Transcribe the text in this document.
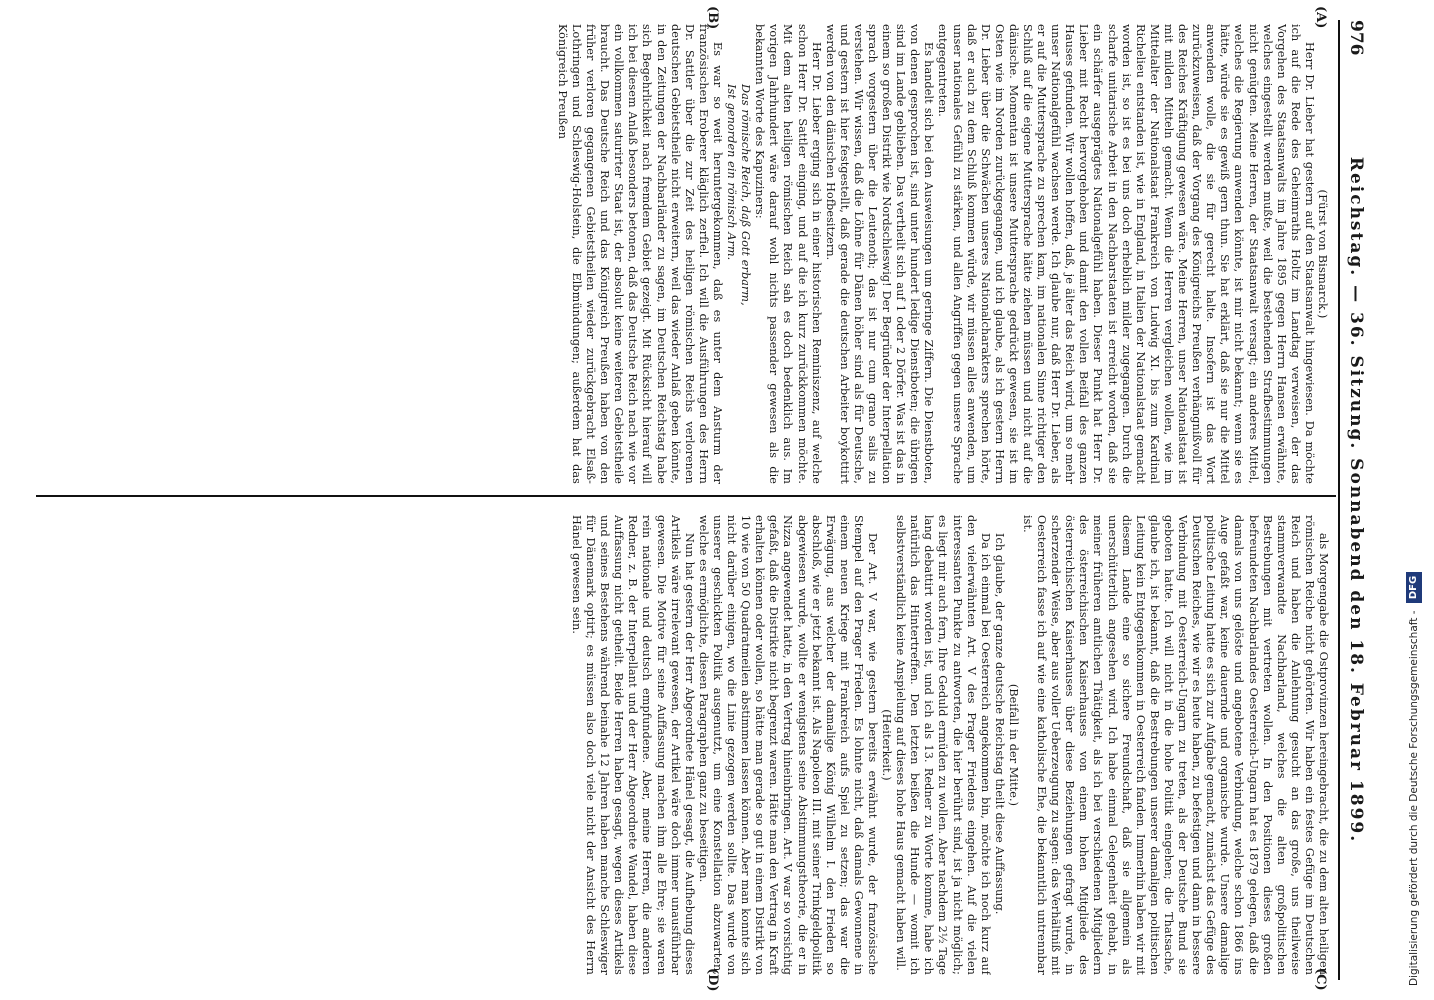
976
Reichstag. — 36. Sitzung. Sonnabend den 18. Februar 1899.
(A)
(B)
(C)
(D)

(Fürst von Bismarck.)

Herr Dr. Lieber hat gestern auf den Staatsanwalt hingewiesen. Da möchte ich auf die Rede des Geheimraths Holtz im Landtag verweisen, der das Vorgehen des Staatsanwalts im Jahre 1895 gegen Herrn Hansen erwähnte, welches eingestellt werden mußte, weil die bestehenden Strafbestimmungen nicht genügten. Meine Herren, der Staatsanwalt versagt; ein anderes Mittel, welches die Regierung anwenden könnte, ist mir nicht bekannt; wenn sie es hätte, würde sie es gewiß gern thun. Sie hat erklärt, daß sie nur die Mittel anwenden wolle, die sie für gerecht halte. Insofern ist das Wort zurückzuweisen, daß der Vorgang des Königreichs Preußen verhängnißvoll für des Reiches Kräftigung gewesen wäre. Meine Herren, unser Nationalstaat ist mit milden Mitteln gemacht. Wenn die Herren vergleichen wollen, wie im Mittelalter der Nationalstaat Frankreich von Ludwig XI. bis zum Kardinal Richelieu entstanden ist, wie in England, in Italien der Nationalstaat gemacht worden ist, so ist es bei uns doch erheblich milder zugegangen. Durch die scharfe unitarische Arbeit in den Nachbarstaaten ist erreicht worden, daß sie ein schärfer ausgeprägtes Nationalgefühl haben. Dieser Punkt hat Herr Dr. Lieber mit Recht hervorgehoben und damit den vollen Beifall des ganzen Hauses gefunden. Wir wollen hoffen, daß, je älter das Reich wird, um so mehr unser Nationalgefühl wachsen werde. Ich glaube nur, daß Herr Dr. Lieber, als er auf die Muttersprache zu sprechen kam, im nationalen Sinne richtiger den Schluß auf die eigene Muttersprache hätte ziehen müssen und nicht auf die dänische. Momentan ist unsere Muttersprache gedrückt gewesen, sie ist im Osten wie im Norden zurückgegangen, und ich glaube, als ich gestern Herrn Dr. Lieber über die Schwächen unseres Nationalcharakters sprechen hörte, daß er auch zu dem Schluß kommen würde, wir müssen alles anwenden, um unser nationales Gefühl zu stärken, und allen Angriffen gegen unsere Sprache entgegentreten.

Es handelt sich bei den Ausweisungen um geringe Ziffern. Die Dienstboten, von denen gesprochen ist, sind unter hundert ledige Dienstboten; die übrigen sind im Lande geblieben. Das vertheilt sich auf 1 oder 2 Dörfer. Was ist das in einem so großen Distrikt wie Nordschleswig! Der Begründer der Interpellation sprach vorgestern über die Leutenoth; das ist nur cum grano salis zu verstehen. Wir wissen, daß die Löhne für Dänen höher sind als für Deutsche, und gestern ist hier festgestellt, daß gerade die deutschen Arbeiter boykottirt werden von den dänischen Hofbesitzern.

Herr Dr. Lieber erging sich in einer historischen Reminiszenz, auf welche schon Herr Dr. Sattler einging, und auf die ich kurz zurückkommen möchte. Mit dem alten heiligen römischen Reich sah es doch bedenklich aus. Im vorigen Jahrhundert wäre darauf wohl nichts passender gewesen als die bekannten Worte des Kapuziners:

Das römische Reich, daß Gott erbarm,

Ist genorden ein römisch Arm.

Es war so weit heruntergekommen, daß es unter dem Ansturm der französischen Eroberer kläglich zerfiel. Ich will die Ausführungen des Herrn Dr. Sattler über die zur Zeit des heiligen römischen Reichs verlorenen deutschen Gebietstheile nicht erweitern, weil das wieder Anlaß geben könnte, in den Zeitungen der Nachbarländer zu sagen, im Deutschen Reichstag habe sich Begehrlichkeit nach fremdem Gebiet gezeigt. Mit Rücksicht hierauf will ich bei diesem Anlaß besonders betonen, daß das Deutsche Reich nach wie vor ein vollkommen saturirter Staat ist, der absolut keine weiteren Gebietstheile braucht. Das Deutsche Reich und das Königreich Preußen haben von den früher verloren gegangenen Gebietstheilen wieder zurückgebracht Elsaß-Lothringen und Schleswig-Holstein, die Elbmündungen; außerdem hat das Königreich Preußen

als Morgengabe die Ostprovinzen hereingebracht, die zu dem alten heiligen römischen Reiche nicht gehörten. Wir haben ein festes Gefüge im Deutschen Reich und haben die Anlehnung gesucht an das große, uns theilweise stammverwandte Nachbarland, welches die alten großpolitischen Bestrebungen mit vertreten wollen. In den Positionen dieses großen befreundeten Nachbarlandes Oesterreich-Ungarn hat es 1879 gelegen, daß die damals von uns gelöste und angebotene Verbindung, welche schon 1866 ins Auge gefaßt war, keine dauernde und organische wurde. Unsere damalige politische Leitung hatte es sich zur Aufgabe gemacht, zunächst das Gefüge des Deutschen Reiches, wie wir es heute haben, zu befestigen und dann in bessere Verbindung mit Oesterreich-Ungarn zu treten, als der Deutsche Bund sie geboten hatte. Ich will nicht in die hohe Politik eingehen; die Thatsache, glaube ich, ist bekannt, daß die Bestrebungen unserer damaligen politischen Leitung kein Entgegenkommen in Oesterreich fanden. Immerhin haben wir mit diesem Lande eine so sichere Freundschaft, daß sie allgemein als unerschütterlich angesehen wird. Ich habe einmal Gelegenheit gehabt, in meiner früheren amtlichen Thätigkeit, als ich bei verschiedenen Mitgliedern des österreichischen Kaiserhauses von einem hohen Mitgliede des österreichischen Kaiserhauses über diese Beziehungen gefragt wurde, in scherzender Weise, aber aus voller Ueberzeugung zu sagen: das Verhältniß mit Oesterreich fasse ich auf wie eine katholische Ehe, die bekanntlich untrennbar ist.

(Beifall in der Mitte.)

Ich glaube, der ganze deutsche Reichstag theilt diese Auffassung.

Da ich einmal bei Oesterreich angekommen bin, möchte ich noch kurz auf den vielerwähnten Art. V des Prager Friedens eingehen. Auf die vielen interessanten Punkte zu antworten, die hier berührt sind, ist ja nicht möglich; es liegt mir auch fern, Ihre Geduld ermüden zu wollen. Aber nachdem 2½ Tage lang debattirt worden ist, und ich als 13. Redner zu Worte komme, habe ich natürlich das Hintertreffen. Den letzten beißen die Hunde — womit ich selbstverständlich keine Anspielung auf dieses hohe Haus gemacht haben will.

(Heiterkeit.)

Der Art. V war, wie gestern bereits erwähnt wurde, der französische Stempel auf den Prager Frieden. Es lohnte nicht, daß damals Gewonnene in einem neuen Kriege mit Frankreich aufs Spiel zu setzen; das war die Erwägung, aus welcher der damalige König Wilhelm I. den Frieden so abschloß, wie er jetzt bekannt ist. Als Napoleon III. mit seiner Trinkgeldpolitik abgewiesen wurde, wollte er wenigstens seine Abstimmungstheorie, die er in Nizza angewendet hatte, in den Vertrag hineinbringen. Art. V war so vorsichtig gefaßt, daß die Distrikte nicht begrenzt waren. Hätte man den Vertrag in Kraft erhalten können oder wollen, so hätte man gerade so gut in einem Distrikt von 10 wie von 50 Quadratmeilen abstimmen lassen können. Aber man konnte sich nicht darüber einigen, wo die Linie gezogen werden sollte. Das wurde von unserer geschickten Politik ausgenutzt, um eine Konstellation abzuwarten, welche es ermöglichte, diesen Paragraphen ganz zu beseitigen.

Nun hat gestern der Herr Abgeordnete Hänel gesagt, die Aufhebung dieses Artikels wäre irrelevant gewesen, der Artikel wäre doch immer unausführbar gewesen. Die Motive für seine Auffassung machen ihm alle Ehre; sie waren rein nationale und deutsch empfundene. Aber, meine Herren, die anderen Redner, z. B. der Interpellant und der Herr Abgeordnete Wandel, haben diese Auffassung nicht getheilt. Beide Herren haben gesagt, wegen dieses Artikels und seines Bestehens während beinahe 12 Jahren haben manche Schleswiger für Dänemark optirt; es müssen also doch viele nicht der Ansicht des Herrn Hänel gewesen sein.

Digitalisierung gefördert durch die Deutsche Forschungsgemeinschaft - DFG
